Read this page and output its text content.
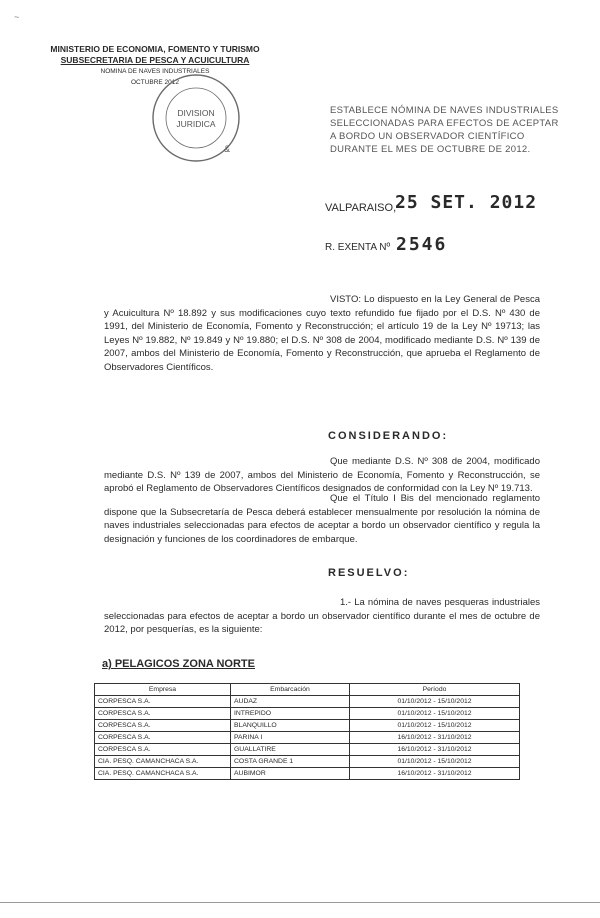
~
MINISTERIO DE ECONOMIA, FOMENTO Y TURISMO
SUBSECRETARIA DE PESCA Y ACUICULTURA
NOMINA DE NAVES INDUSTRIALES
OCTUBRE 2012
DIVISION
JURIDICA
&
ESTABLECE NÓMINA DE NAVES INDUSTRIALES SELECCIONADAS PARA EFECTOS DE ACEPTAR A BORDO UN OBSERVADOR CIENTÍFICO DURANTE EL MES DE OCTUBRE DE 2012.
VALPARAISO,
25 SET. 2012
R. EXENTA Nº 2546
VISTO: Lo dispuesto en la Ley General de Pesca y Acuicultura Nº 18.892 y sus modificaciones cuyo texto refundido fue fijado por el D.S. Nº 430 de 1991, del Ministerio de Economía, Fomento y Reconstrucción; el artículo 19 de la Ley Nº 19713; las Leyes Nº 19.882, Nº 19.849 y Nº 19.880; el D.S. Nº 308 de 2004, modificado mediante D.S. Nº 139 de 2007, ambos del Ministerio de Economía, Fomento y Reconstrucción, que aprueba el Reglamento de Observadores Científicos.
CONSIDERANDO:
Que mediante D.S. Nº 308 de 2004, modificado mediante D.S. Nº 139 de 2007, ambos del Ministerio de Economía, Fomento y Reconstrucción, se aprobó el Reglamento de Observadores Científicos designados de conformidad con la Ley Nº 19.713.
Que el Título I Bis del mencionado reglamento dispone que la Subsecretaría de Pesca deberá establecer mensualmente por resolución la nómina de naves industriales seleccionadas para efectos de aceptar a bordo un observador científico y regula la designación y funciones de los coordinadores de embarque.
RESUELVO:
1.- La nómina de naves pesqueras industriales seleccionadas para efectos de aceptar a bordo un observador científico durante el mes de octubre de 2012, por pesquerías, es la siguiente:
a) PELAGICOS ZONA NORTE
Empresa	Embarcación	Período
CORPESCA S.A.	AUDAZ	01/10/2012 - 15/10/2012
CORPESCA S.A.	INTREPIDO	01/10/2012 - 15/10/2012
CORPESCA S.A.	BLANQUILLO	01/10/2012 - 15/10/2012
CORPESCA S.A.	PARINA I	16/10/2012 - 31/10/2012
CORPESCA S.A.	GUALLATIRE	16/10/2012 - 31/10/2012
CIA. PESQ. CAMANCHACA S.A.	COSTA GRANDE 1	01/10/2012 - 15/10/2012
CIA. PESQ. CAMANCHACA S.A.	AUBIMOR	16/10/2012 - 31/10/2012
